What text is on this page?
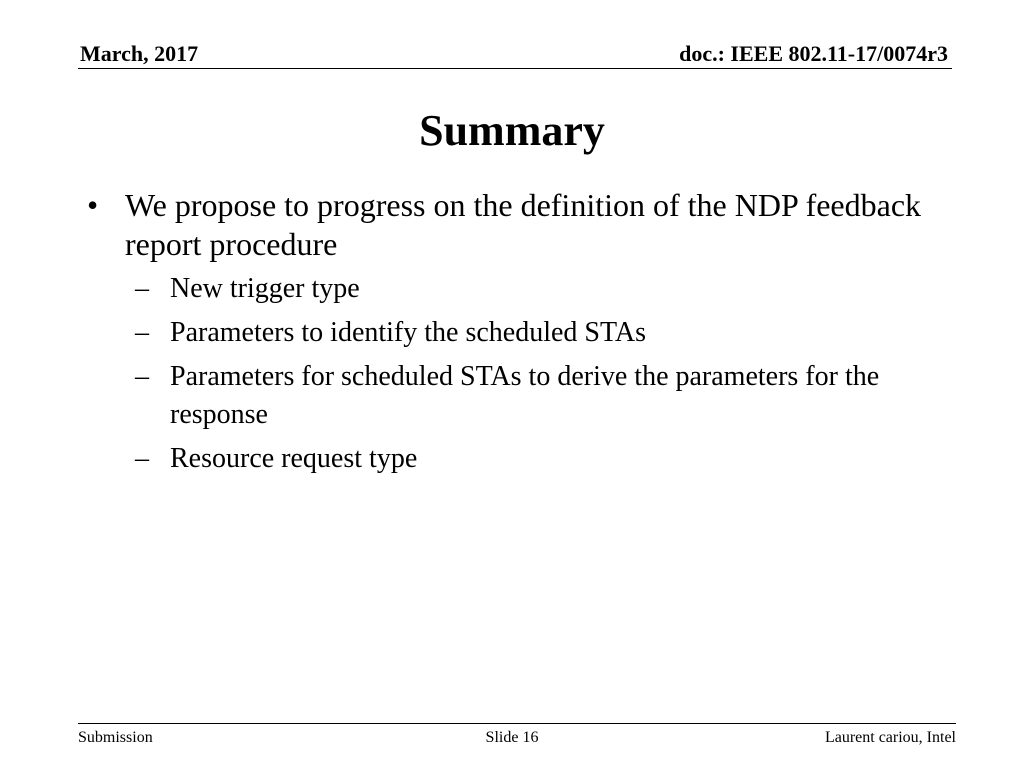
March, 2017	doc.: IEEE 802.11-17/0074r3
Summary
• We propose to progress on the definition of the NDP feedback report procedure
– New trigger type
– Parameters to identify the scheduled STAs
– Parameters for scheduled STAs to derive the parameters for the response
– Resource request type
Submission	Slide 16	Laurent cariou, Intel
